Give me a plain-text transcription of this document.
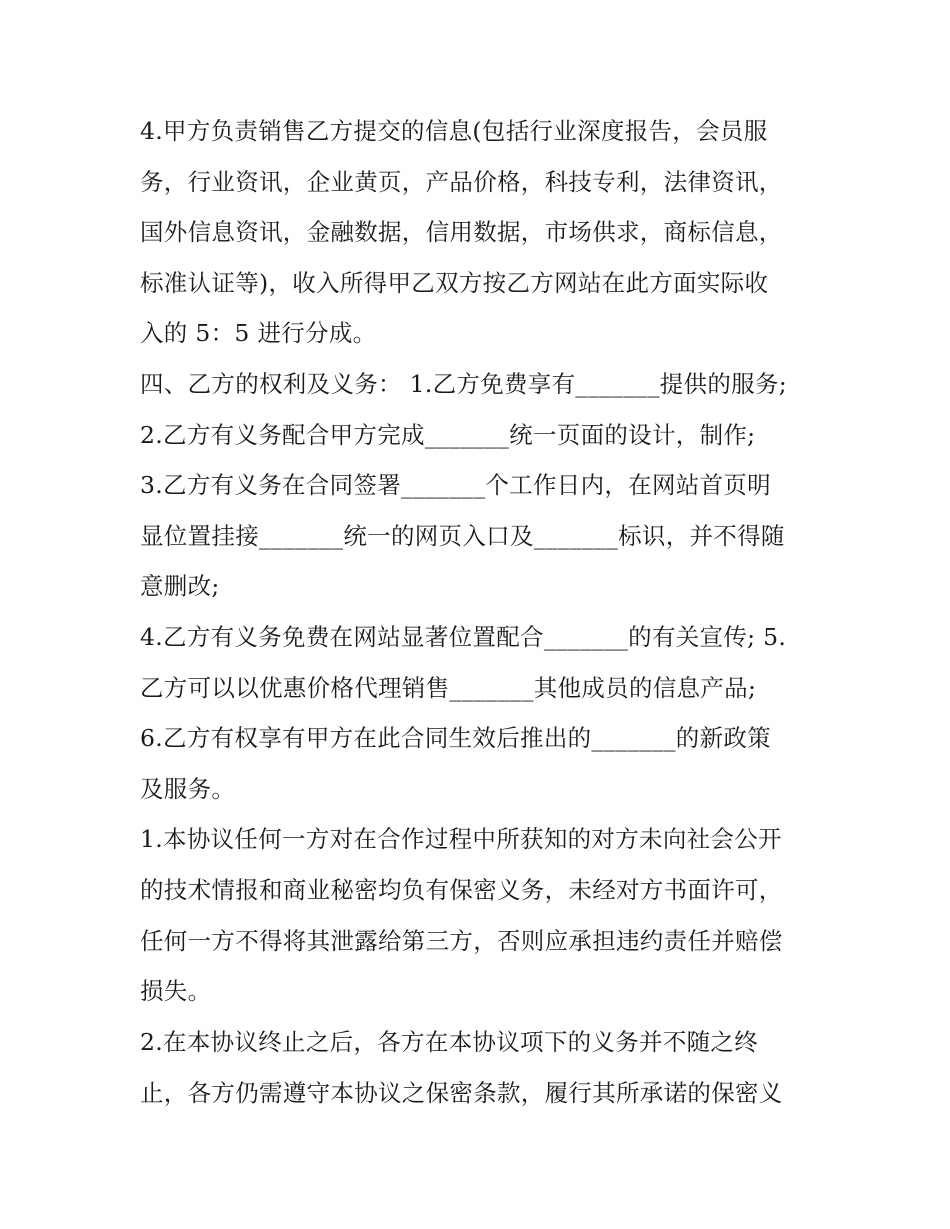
4.甲方负责销售乙方提交的信息(包括行业深度报告，会员服
务，行业资讯，企业黄页，产品价格，科技专利，法律资讯，
国外信息资讯，金融数据，信用数据，市场供求，商标信息，
标准认证等)，收入所得甲乙双方按乙方网站在此方面实际收
入的 5：5 进行分成。
四、乙方的权利及义务： 1.乙方免费享有_______提供的服务;
2.乙方有义务配合甲方完成_______统一页面的设计，制作;
3.乙方有义务在合同签署_______个工作日内，在网站首页明
显位置挂接_______统一的网页入口及_______标识，并不得随
意删改;
4.乙方有义务免费在网站显著位置配合_______的有关宣传; 5.
乙方可以以优惠价格代理销售_______其他成员的信息产品;
6.乙方有权享有甲方在此合同生效后推出的_______的新政策
及服务。
1.本协议任何一方对在合作过程中所获知的对方未向社会公开
的技术情报和商业秘密均负有保密义务，未经对方书面许可，
任何一方不得将其泄露给第三方，否则应承担违约责任并赔偿
损失。
2.在本协议终止之后，各方在本协议项下的义务并不随之终
止，各方仍需遵守本协议之保密条款，履行其所承诺的保密义
